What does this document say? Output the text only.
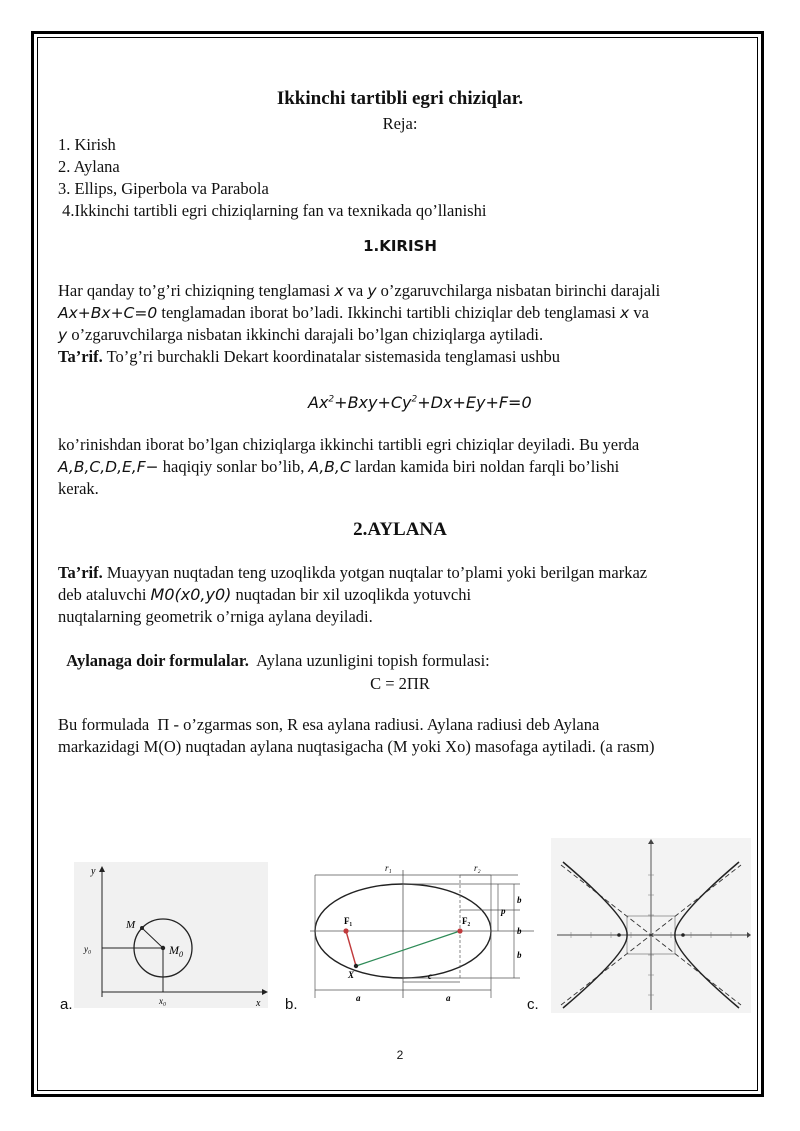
Ikkinchi tartibli egri chiziqlar.
Reja:
1. Kirish
2. Aylana
3. Ellips, Giperbola va Parabola
4.Ikkinchi tartibli egri chiziqlarning fan va texnikada qo’llanishi
1.KIRISH
Har qanday to’g’ri chiziqning tenglamasi x va y o’zgaruvchilarga nisbatan birinchi darajali
Ax+Bx+C=0 tenglamadan iborat bo’ladi. Ikkinchi tartibli chiziqlar deb tenglamasi x va
y o’zgaruvchilarga nisbatan ikkinchi darajali bo’lgan chiziqlarga aytiladi.
Ta’rif. To’g’ri burchakli Dekart koordinatalar sistemasida tenglamasi ushbu
$Ax^2+Bxy+Cy^2+Dx+Ey+F=0$
ko’rinishdan iborat bo’lgan chiziqlarga ikkinchi tartibli egri chiziqlar deyiladi. Bu yerda
A,B,C,D,E,F− haqiqiy sonlar bo’lib, A,B,C lardan kamida biri noldan farqli bo’lishi
kerak.
2.AYLANA
Ta’rif. Muayyan nuqtadan teng uzoqlikda yotgan nuqtalar to’plami yoki berilgan markaz
deb ataluvchi M0(x0,y0) nuqtadan bir xil uzoqlikda yotuvchi
nuqtalarning geometrik o’rniga aylana deyiladi.

Aylanaga doir formulalar.  Aylana uzunligini topish formulasi:

C = 2ΠR
Bu formulada  Π - o’zgarmas son, R esa aylana radiusi. Aylana radiusi deb Aylana
markazidagi M(O) nuqtadan aylana nuqtasigacha (M yoki Xo) masofaga aytiladi. (a rasm)
y
x
y₀
x₀
M
$M_0$
a.
r₁	r₂
F₁	F₂
X
p
b
b
b
c
a	a
b.	c.
2
